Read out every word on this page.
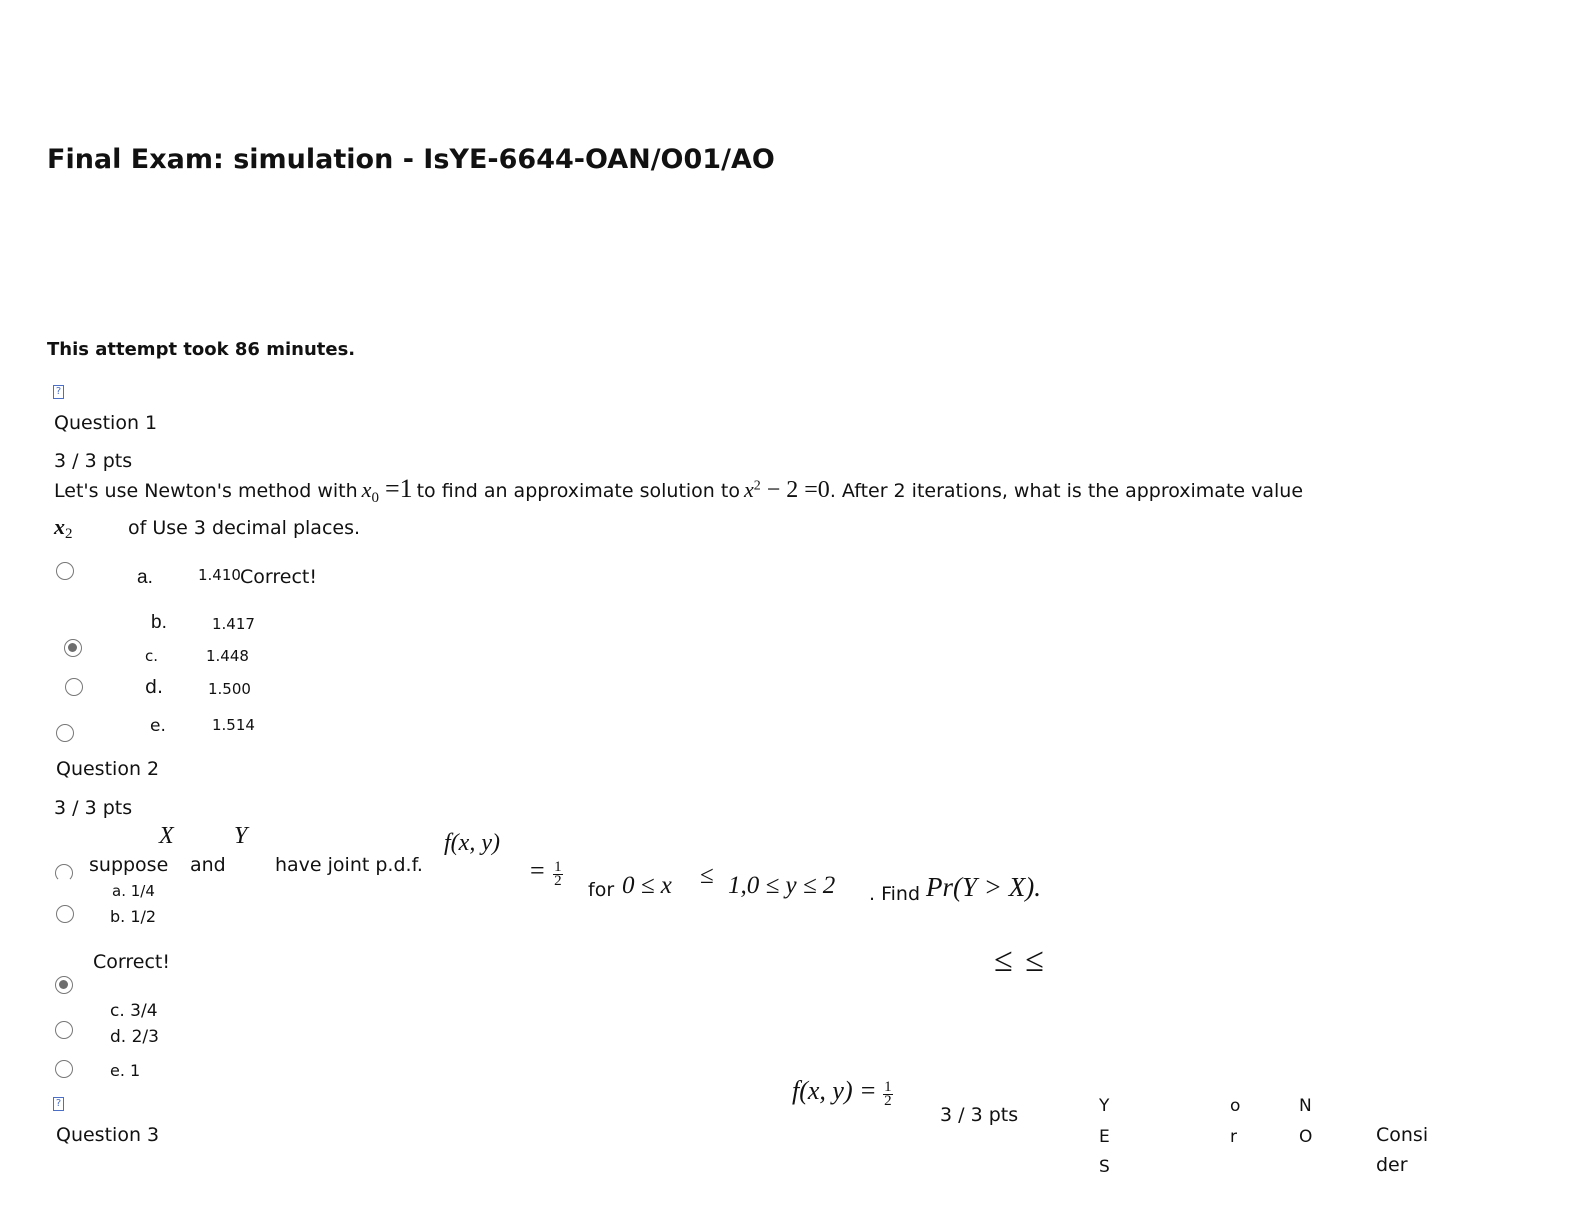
Final Exam: simulation - IsYE-6644-OAN/O01/AO
This attempt took 86 minutes.
?
Question 1
3 / 3 pts
Let's use Newton's method with $x_0 =1$ to find an approximate solution to $x^2 - 2 =0$. After 2 iterations, what is the approximate value
$x_2$	of Use 3 decimal places.
a.	1.410 Correct!
b.	1.417
c.	1.448
d.	1.500
e.	1.514
Question 2
3 / 3 pts
X	Y
suppose and	have joint p.d.f.
f(x, y)
= $\frac{1}{2}$
for 0 ≤ x ≤ 1,0 ≤ y ≤ 2 . Find Pr(Y > X).
a. 1/4
b. 1/2
Correct!	≤ ≤
c. 3/4
d. 2/3
e. 1
?
Question 3
f(x, $y) = \frac{1}{2}$
3 / 3 pts	Y
E
S
o
r
N
O	Consi
der
